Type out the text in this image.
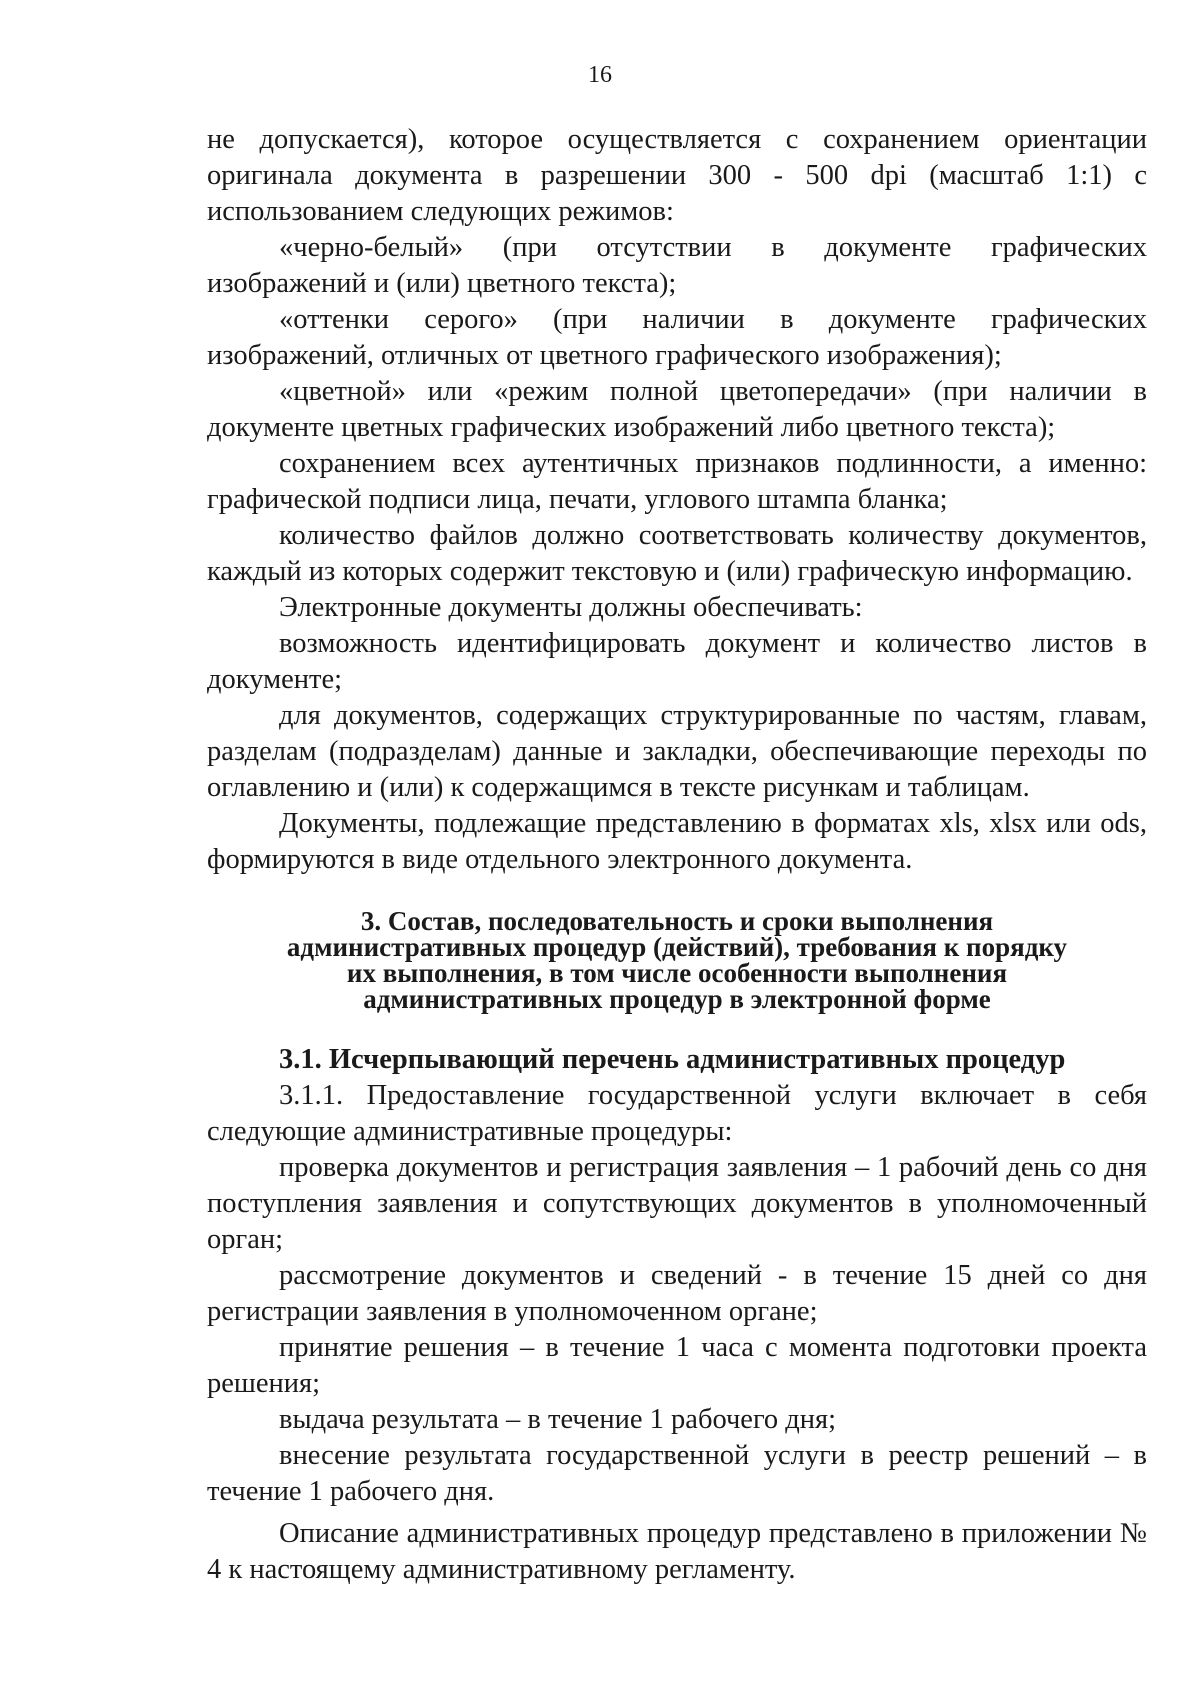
16

не допускается), которое осуществляется с сохранением ориентации оригинала документа в разрешении 300 - 500 dpi (масштаб 1:1) с использованием следующих режимов:

«черно-белый» (при отсутствии в документе графических изображений и (или) цветного текста);

«оттенки серого» (при наличии в документе графических изображений, отличных от цветного графического изображения);

«цветной» или «режим полной цветопередачи» (при наличии в документе цветных графических изображений либо цветного текста);

сохранением всех аутентичных признаков подлинности, а именно: графической подписи лица, печати, углового штампа бланка;

количество файлов должно соответствовать количеству документов, каждый из которых содержит текстовую и (или) графическую информацию.

Электронные документы должны обеспечивать:

возможность идентифицировать документ и количество листов в документе;

для документов, содержащих структурированные по частям, главам, разделам (подразделам) данные и закладки, обеспечивающие переходы по оглавлению и (или) к содержащимся в тексте рисункам и таблицам.

Документы, подлежащие представлению в форматах xls, xlsx или ods, формируются в виде отдельного электронного документа.

3. Состав, последовательность и сроки выполнения
административных процедур (действий), требования к порядку
их выполнения, в том числе особенности выполнения
административных процедур в электронной форме

3.1. Исчерпывающий перечень административных процедур

3.1.1. Предоставление государственной услуги включает в себя следующие административные процедуры:

проверка документов и регистрация заявления – 1 рабочий день со дня поступления заявления и сопутствующих документов в уполномоченный орган;

рассмотрение документов и сведений - в течение 15 дней со дня регистрации заявления в уполномоченном органе;

принятие решения – в течение 1 часа с момента подготовки проекта решения;

выдача результата – в течение 1 рабочего дня;

внесение результата государственной услуги в реестр решений – в течение 1 рабочего дня.

Описание административных процедур представлено в приложении № 4 к настоящему административному регламенту.
